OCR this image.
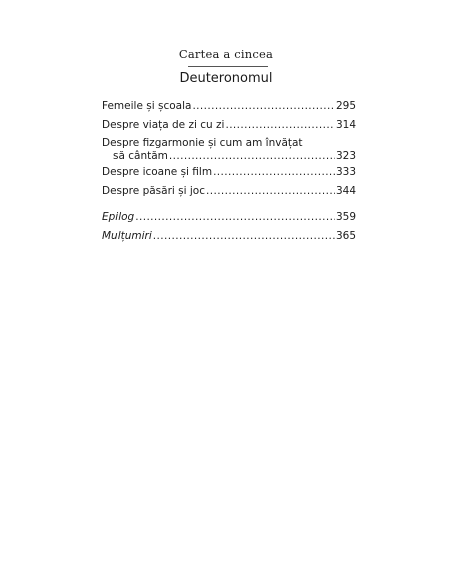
Cartea a cincea
Deuteronomul
Femeile și școala .....	295
Despre viața de zi cu zi .....	314
Despre fizgarmonie și cum am învățat
să cântăm .....	323
Despre icoane și film .....	333
Despre păsări și joc .....	344
Epilog .....	359
Mulțumiri .....	365
